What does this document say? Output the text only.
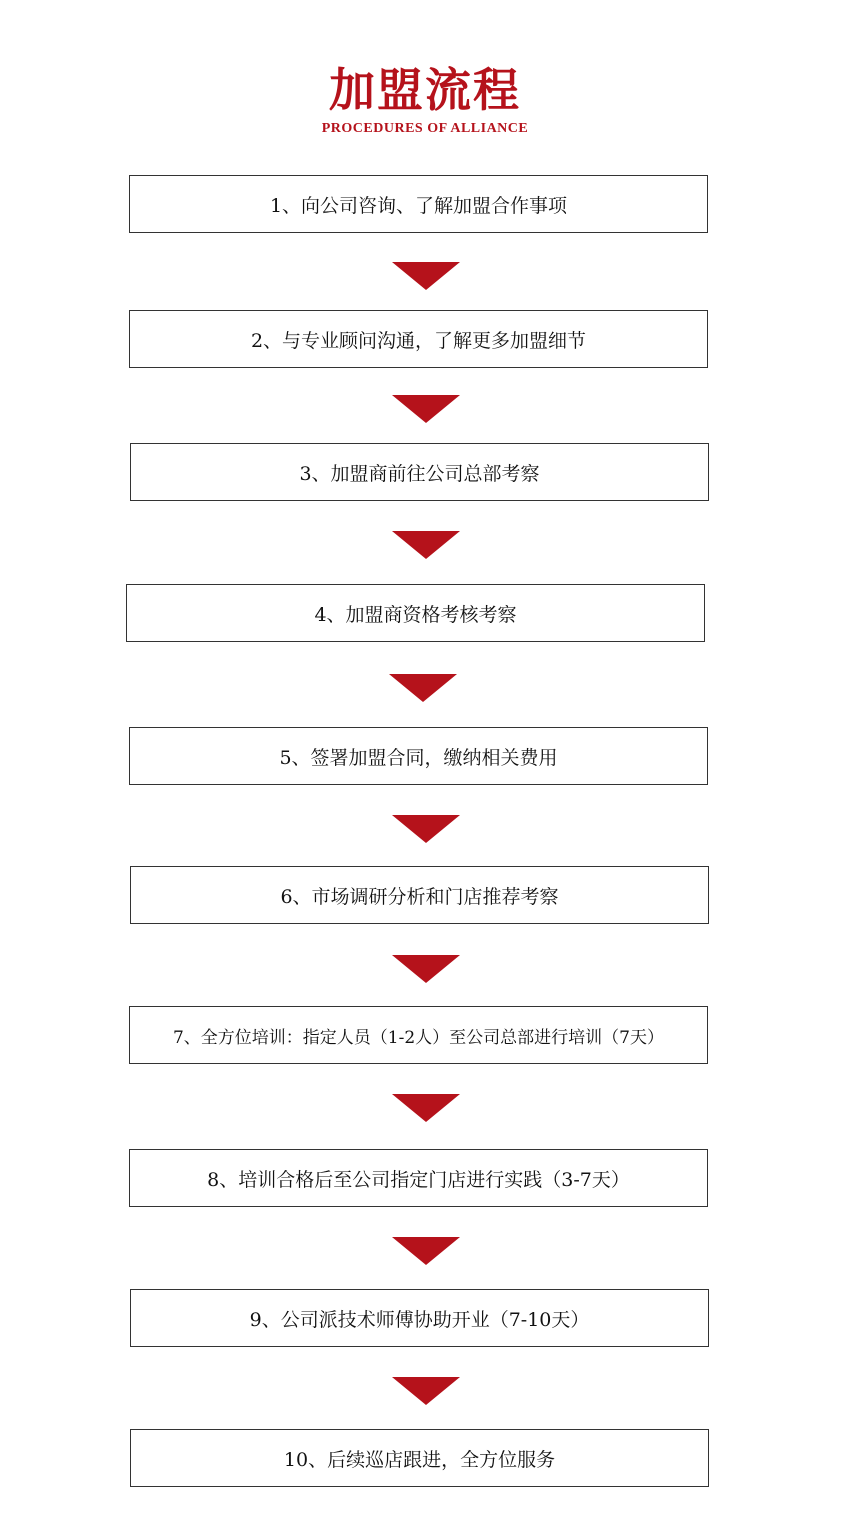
加盟流程
PROCEDURES OF ALLIANCE
1、向公司咨询、了解加盟合作事项
2、与专业顾问沟通，了解更多加盟细节
3、加盟商前往公司总部考察
4、加盟商资格考核考察
5、签署加盟合同，缴纳相关费用
6、市场调研分析和门店推荐考察
7、全方位培训：指定人员（1-2人）至公司总部进行培训（7天）
8、培训合格后至公司指定门店进行实践（3-7天）
9、公司派技术师傅协助开业（7-10天）
10、后续巡店跟进，全方位服务
